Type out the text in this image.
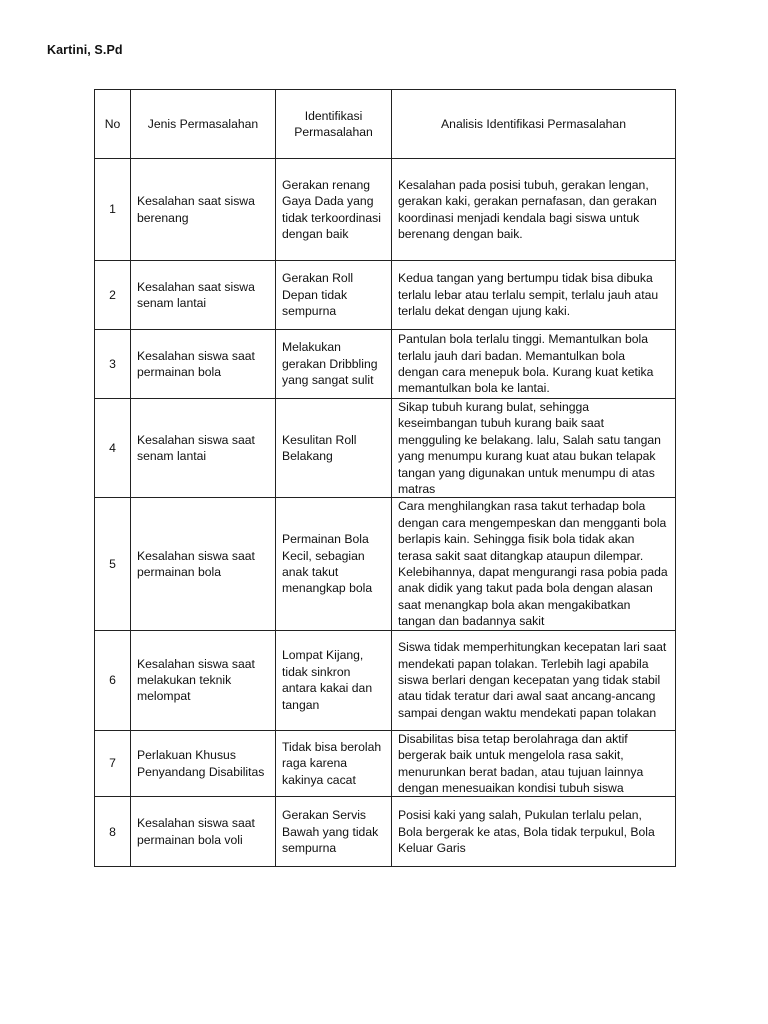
Kartini, S.Pd
No	Jenis Permasalahan	Identifikasi Permasalahan	Analisis Identifikasi Permasalahan
1	Kesalahan saat siswa berenang	Gerakan renang Gaya Dada yang tidak terkoordinasi dengan baik	Kesalahan pada posisi tubuh, gerakan lengan, gerakan kaki, gerakan pernafasan, dan gerakan koordinasi menjadi kendala bagi siswa untuk berenang dengan baik.
2	Kesalahan saat siswa senam lantai	Gerakan Roll Depan tidak sempurna	Kedua tangan yang bertumpu tidak bisa dibuka terlalu lebar atau terlalu sempit, terlalu jauh atau terlalu dekat dengan ujung kaki.
3	Kesalahan siswa saat permainan bola	Melakukan gerakan Dribbling yang sangat sulit	Pantulan bola terlalu tinggi. Memantulkan bola terlalu jauh dari badan. Memantulkan bola dengan cara menepuk bola. Kurang kuat ketika memantulkan bola ke lantai.
4	Kesalahan siswa saat senam lantai	Kesulitan Roll Belakang	Sikap tubuh kurang bulat, sehingga keseimbangan tubuh kurang baik saat mengguling ke belakang. lalu, Salah satu tangan yang menumpu kurang kuat atau bukan telapak tangan yang digunakan untuk menumpu di atas matras
5	Kesalahan siswa saat permainan bola	Permainan Bola Kecil, sebagian anak takut menangkap bola	Cara menghilangkan rasa takut terhadap bola dengan cara mengempeskan dan mengganti bola berlapis kain. Sehingga fisik bola tidak akan terasa sakit saat ditangkap ataupun dilempar. Kelebihannya, dapat mengurangi rasa pobia pada anak didik yang takut pada bola dengan alasan saat menangkap bola akan mengakibatkan tangan dan badannya sakit
6	Kesalahan siswa saat melakukan teknik melompat	Lompat Kijang, tidak sinkron antara kakai dan tangan	Siswa tidak memperhitungkan kecepatan lari saat mendekati papan tolakan. Terlebih lagi apabila siswa berlari dengan kecepatan yang tidak stabil atau tidak teratur dari awal saat ancang-ancang sampai dengan waktu mendekati papan tolakan
7	Perlakuan Khusus Penyandang Disabilitas	Tidak bisa berolah raga karena kakinya cacat	Disabilitas bisa tetap berolahraga dan aktif bergerak baik untuk mengelola rasa sakit, menurunkan berat badan, atau tujuan lainnya dengan menesuaikan kondisi tubuh siswa
8	Kesalahan siswa saat permainan bola voli	Gerakan Servis Bawah yang tidak sempurna	Posisi kaki yang salah, Pukulan terlalu pelan, Bola bergerak ke atas, Bola tidak terpukul, Bola Keluar Garis
